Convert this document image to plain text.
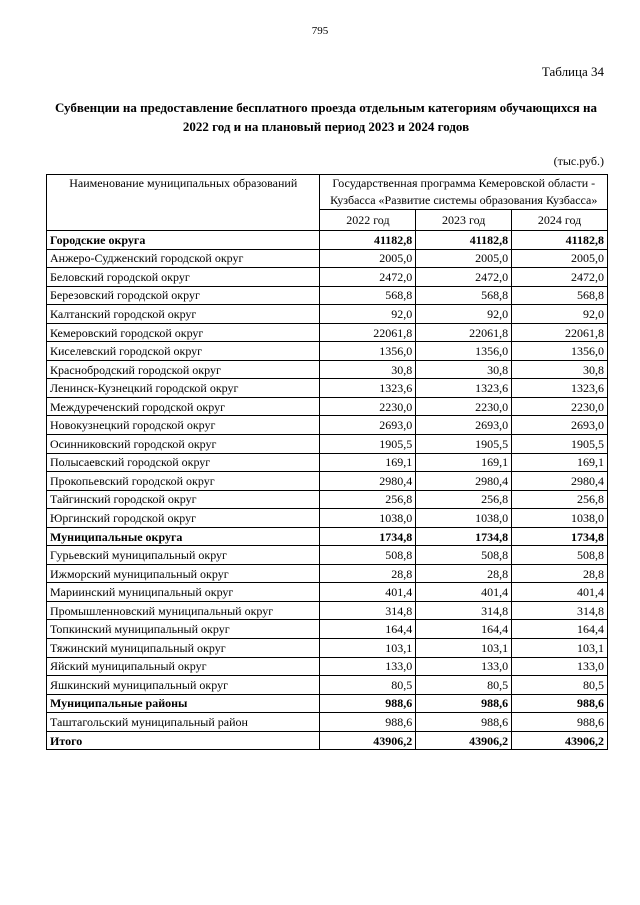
795
Таблица 34
Субвенции на предоставление бесплатного проезда отдельным категориям обучающихся на 2022 год и на плановый период 2023 и 2024 годов
(тыс.руб.)
Наименование муниципальных образований	Государственная программа Кемеровской области - Кузбасса «Развитие системы образования Кузбасса»		
	2022 год	2023 год	2024 год
Городские округа	41182,8	41182,8	41182,8
Анжеро-Судженский городской округ	2005,0	2005,0	2005,0
Беловский городской округ	2472,0	2472,0	2472,0
Березовский городской округ	568,8	568,8	568,8
Калтанский городской округ	92,0	92,0	92,0
Кемеровский городской округ	22061,8	22061,8	22061,8
Киселевский городской округ	1356,0	1356,0	1356,0
Краснобродский городской округ	30,8	30,8	30,8
Ленинск-Кузнецкий городской округ	1323,6	1323,6	1323,6
Междуреченский городской округ	2230,0	2230,0	2230,0
Новокузнецкий городской округ	2693,0	2693,0	2693,0
Осинниковский городской округ	1905,5	1905,5	1905,5
Полысаевский городской округ	169,1	169,1	169,1
Прокопьевский городской округ	2980,4	2980,4	2980,4
Тайгинский городской округ	256,8	256,8	256,8
Юргинский городской округ	1038,0	1038,0	1038,0
Муниципальные округа	1734,8	1734,8	1734,8
Гурьевский муниципальный округ	508,8	508,8	508,8
Ижморский муниципальный округ	28,8	28,8	28,8
Мариинский муниципальный округ	401,4	401,4	401,4
Промышленновский муниципальный округ	314,8	314,8	314,8
Топкинский муниципальный округ	164,4	164,4	164,4
Тяжинский муниципальный округ	103,1	103,1	103,1
Яйский муниципальный округ	133,0	133,0	133,0
Яшкинский муниципальный округ	80,5	80,5	80,5
Муниципальные районы	988,6	988,6	988,6
Таштагольский муниципальный район	988,6	988,6	988,6
Итого	43906,2	43906,2	43906,2
